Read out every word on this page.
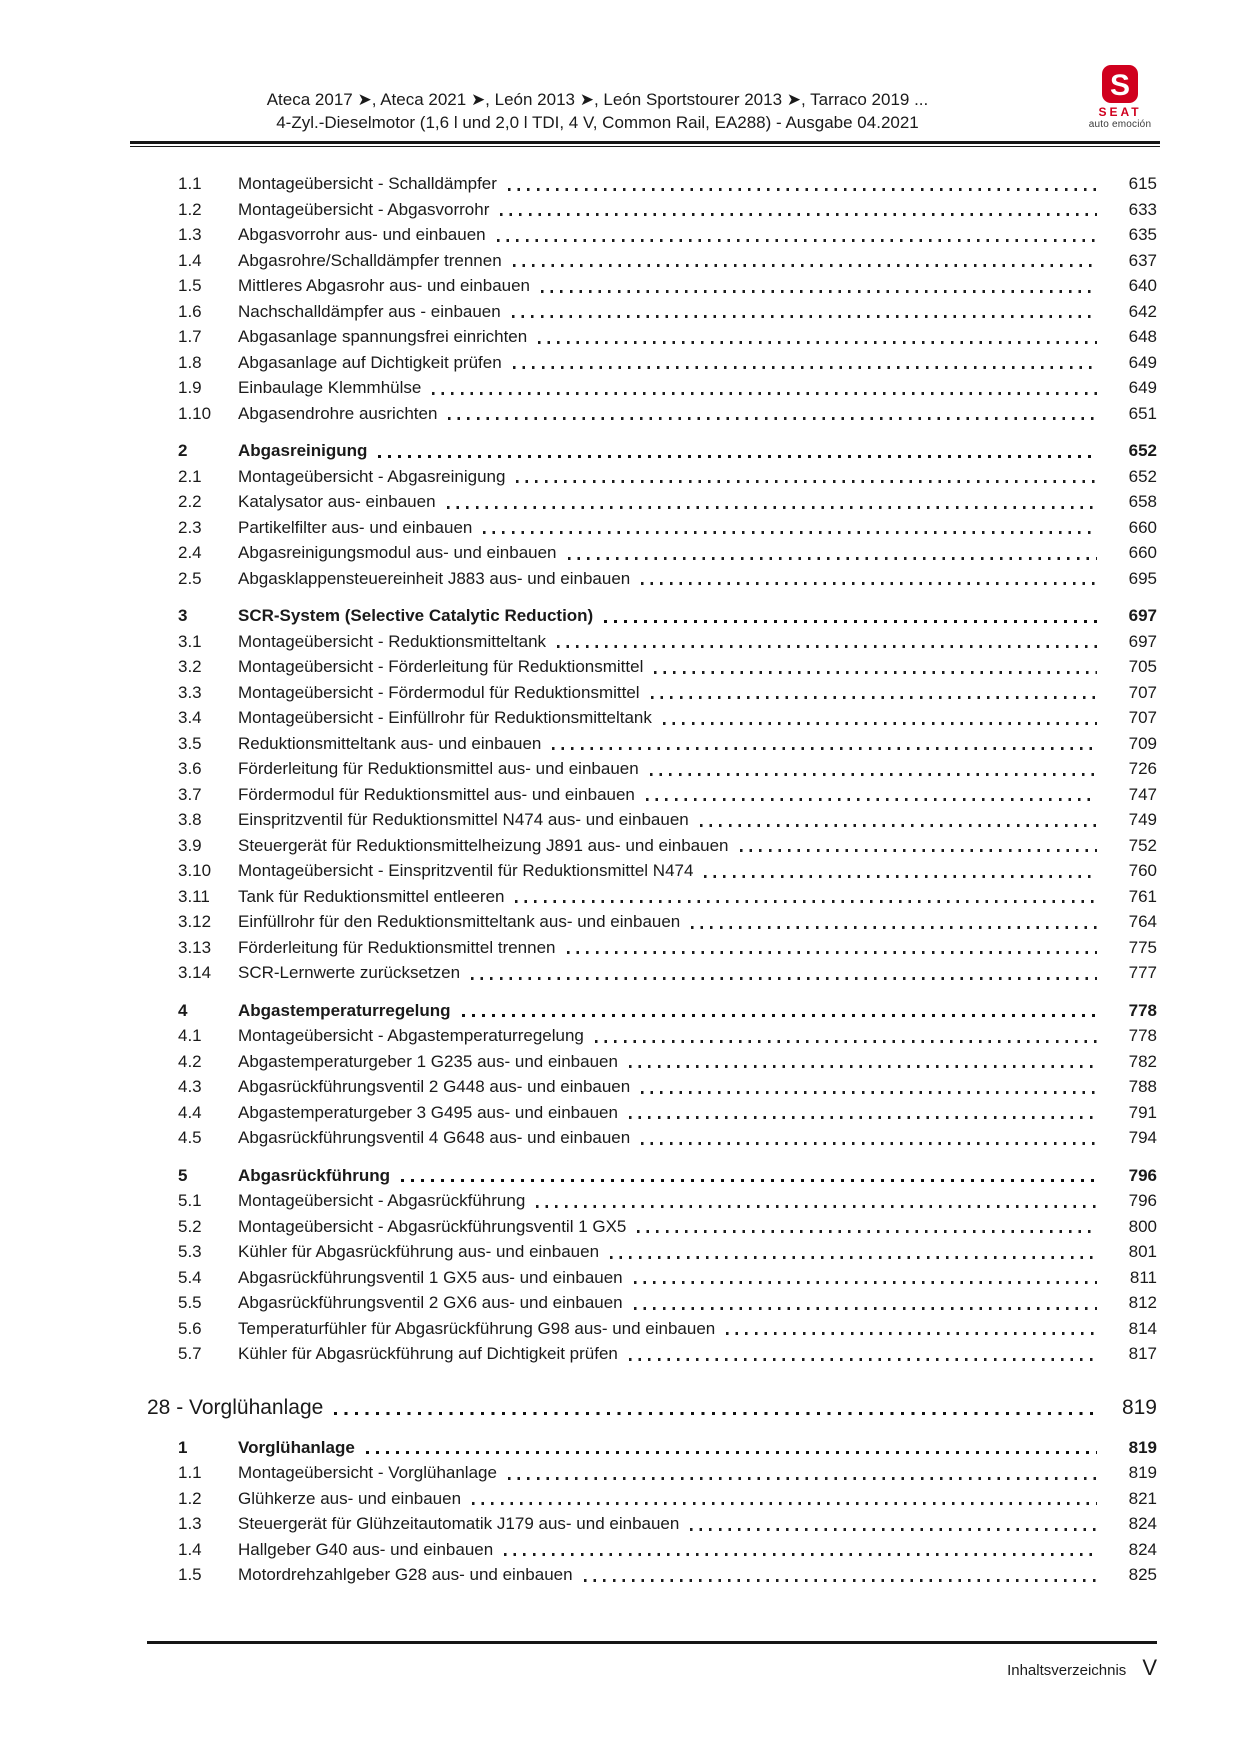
Ateca 2017 ➤, Ateca 2021 ➤, León 2013 ➤, León Sportstourer 2013 ➤, Tarraco 2019 ...
4-Zyl.-Dieselmotor (1,6 l und 2,0 l TDI, 4 V, Common Rail, EA288) - Ausgabe 04.2021
S
SEAT
auto emoción
1.1	Montageübersicht - Schalldämpfer	615
1.2	Montageübersicht - Abgasvorrohr	633
1.3	Abgasvorrohr aus- und einbauen	635
1.4	Abgasrohre/Schalldämpfer trennen	637
1.5	Mittleres Abgasrohr aus- und einbauen	640
1.6	Nachschalldämpfer aus - einbauen	642
1.7	Abgasanlage spannungsfrei einrichten	648
1.8	Abgasanlage auf Dichtigkeit prüfen	649
1.9	Einbaulage Klemmhülse	649
1.10	Abgasendrohre ausrichten	651
2	Abgasreinigung	652
2.1	Montageübersicht - Abgasreinigung	652
2.2	Katalysator aus- einbauen	658
2.3	Partikelfilter aus- und einbauen	660
2.4	Abgasreinigungsmodul aus- und einbauen	660
2.5	Abgasklappensteuereinheit J883 aus- und einbauen	695
3	SCR-System (Selective Catalytic Reduction)	697
3.1	Montageübersicht - Reduktionsmitteltank	697
3.2	Montageübersicht - Förderleitung für Reduktionsmittel	705
3.3	Montageübersicht - Fördermodul für Reduktionsmittel	707
3.4	Montageübersicht - Einfüllrohr für Reduktionsmitteltank	707
3.5	Reduktionsmitteltank aus- und einbauen	709
3.6	Förderleitung für Reduktionsmittel aus- und einbauen	726
3.7	Fördermodul für Reduktionsmittel aus- und einbauen	747
3.8	Einspritzventil für Reduktionsmittel N474 aus- und einbauen	749
3.9	Steuergerät für Reduktionsmittelheizung J891 aus- und einbauen	752
3.10	Montageübersicht - Einspritzventil für Reduktionsmittel N474	760
3.11	Tank für Reduktionsmittel entleeren	761
3.12	Einfüllrohr für den Reduktionsmitteltank aus- und einbauen	764
3.13	Förderleitung für Reduktionsmittel trennen	775
3.14	SCR-Lernwerte zurücksetzen	777
4	Abgastemperaturregelung	778
4.1	Montageübersicht - Abgastemperaturregelung	778
4.2	Abgastemperaturgeber 1 G235 aus- und einbauen	782
4.3	Abgasrückführungsventil 2 G448 aus- und einbauen	788
4.4	Abgastemperaturgeber 3 G495 aus- und einbauen	791
4.5	Abgasrückführungsventil 4 G648 aus- und einbauen	794
5	Abgasrückführung	796
5.1	Montageübersicht - Abgasrückführung	796
5.2	Montageübersicht - Abgasrückführungsventil 1 GX5	800
5.3	Kühler für Abgasrückführung aus- und einbauen	801
5.4	Abgasrückführungsventil 1 GX5 aus- und einbauen	811
5.5	Abgasrückführungsventil 2 GX6 aus- und einbauen	812
5.6	Temperaturfühler für Abgasrückführung G98 aus- und einbauen	814
5.7	Kühler für Abgasrückführung auf Dichtigkeit prüfen	817
28 - Vorglühanlage	819
1	Vorglühanlage	819
1.1	Montageübersicht - Vorglühanlage	819
1.2	Glühkerze aus- und einbauen	821
1.3	Steuergerät für Glühzeitautomatik J179 aus- und einbauen	824
1.4	Hallgeber G40 aus- und einbauen	824
1.5	Motordrehzahlgeber G28 aus- und einbauen	825
Inhaltsverzeichnis V
